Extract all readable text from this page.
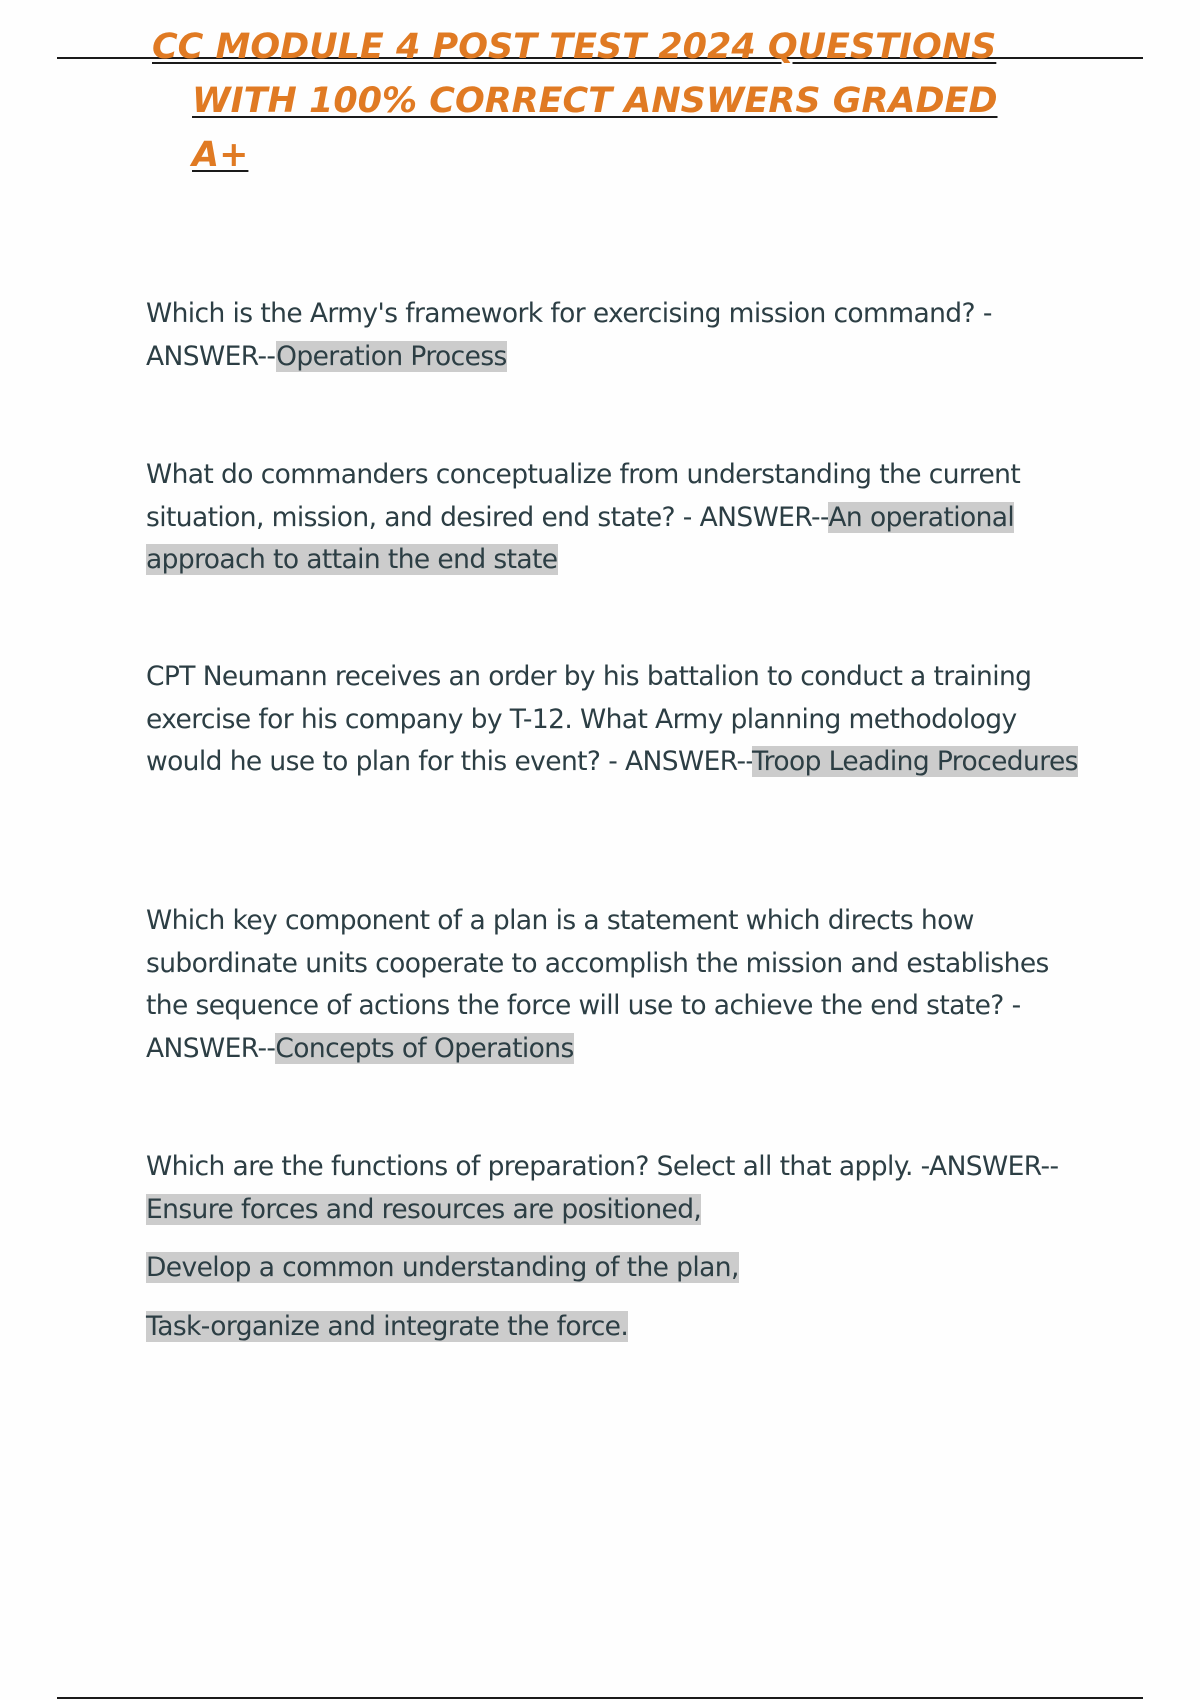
CC MODULE 4 POST TEST 2024 QUESTIONS
WITH 100% CORRECT ANSWERS GRADED
A+
Which is the Army's framework for exercising mission command? -ANSWER--Operation Process
What do commanders conceptualize from understanding the current situation, mission, and desired end state? - ANSWER--An operational approach to attain the end state
CPT Neumann receives an order by his battalion to conduct a training exercise for his company by T-12. What Army planning methodology would he use to plan for this event? - ANSWER--Troop Leading Procedures
Which key component of a plan is a statement which directs how subordinate units cooperate to accomplish the mission and establishes the sequence of actions the force will use to achieve the end state? -ANSWER--Concepts of Operations
Which are the functions of preparation? Select all that apply. -ANSWER--Ensure forces and resources are positioned,
Develop a common understanding of the plan,
Task-organize and integrate the force.
